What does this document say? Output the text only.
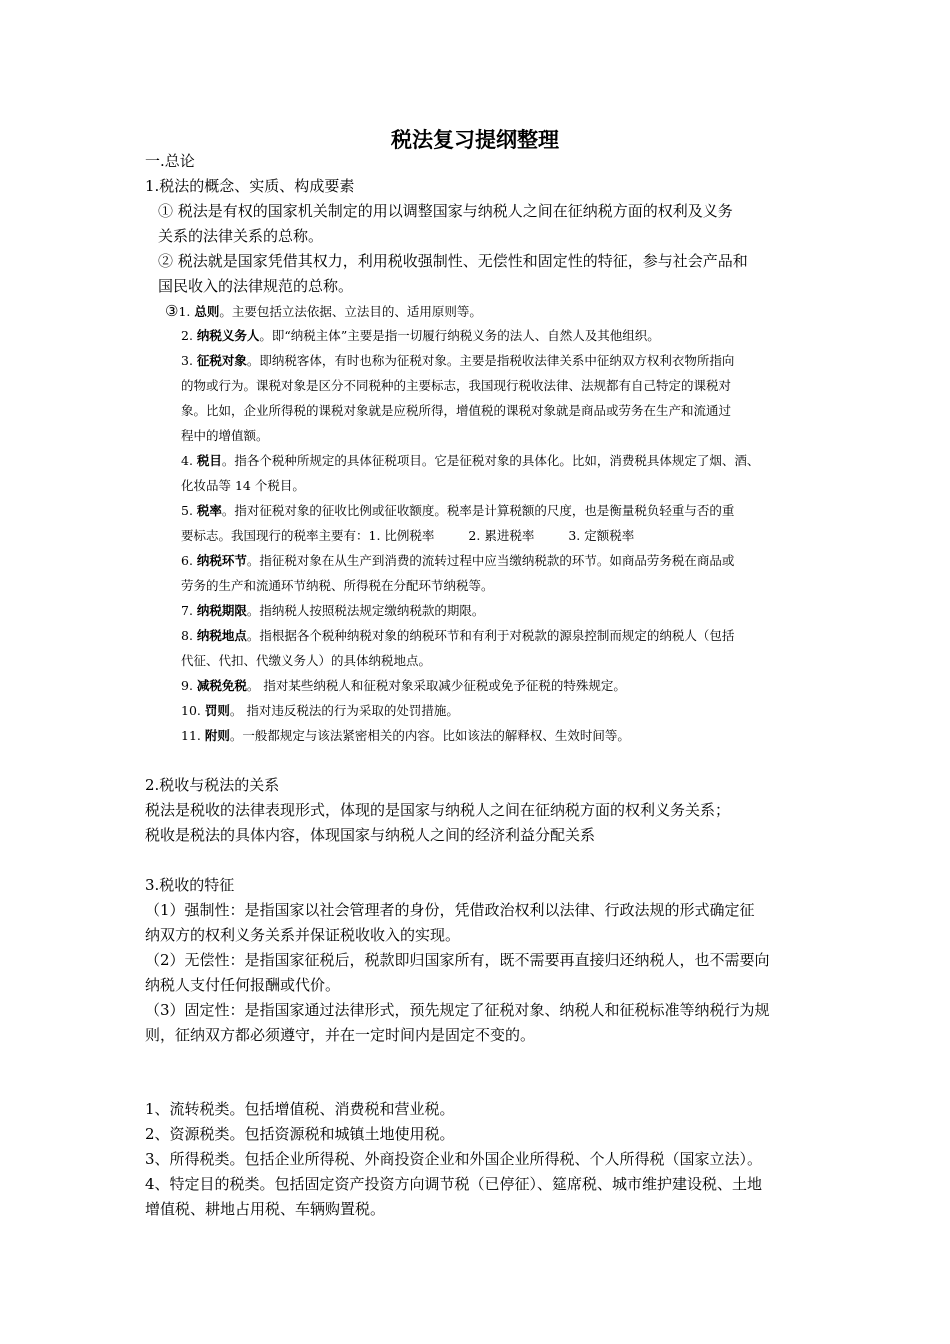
税法复习提纲整理
一.总论
1.税法的概念、实质、构成要素
① 税法是有权的国家机关制定的用以调整国家与纳税人之间在征纳税方面的权利及义务
关系的法律关系的总称。
② 税法就是国家凭借其权力，利用税收强制性、无偿性和固定性的特征，参与社会产品和
国民收入的法律规范的总称。
③1. 总则。主要包括立法依据、立法目的、适用原则等。
2. 纳税义务人。即“纳税主体”主要是指一切履行纳税义务的法人、自然人及其他组织。
3. 征税对象。即纳税客体，有时也称为征税对象。主要是指税收法律关系中征纳双方权利衣物所指向
的物或行为。课税对象是区分不同税种的主要标志，我国现行税收法律、法规都有自己特定的课税对
象。比如，企业所得税的课税对象就是应税所得，增值税的课税对象就是商品或劳务在生产和流通过
程中的增值额。
4. 税目。指各个税种所规定的具体征税项目。它是征税对象的具体化。比如，消费税具体规定了烟、酒、
化妆品等 14 个税目。
5. 税率。指对征税对象的征收比例或征收额度。税率是计算税额的尺度，也是衡量税负轻重与否的重
要标志。我国现行的税率主要有：1. 比例税率	2. 累进税率	3. 定额税率
6. 纳税环节。指征税对象在从生产到消费的流转过程中应当缴纳税款的环节。如商品劳务税在商品或
劳务的生产和流通环节纳税、所得税在分配环节纳税等。
7. 纳税期限。指纳税人按照税法规定缴纳税款的期限。
8. 纳税地点。指根据各个税种纳税对象的纳税环节和有利于对税款的源泉控制而规定的纳税人（包括
代征、代扣、代缴义务人）的具体纳税地点。
9. 减税免税。 指对某些纳税人和征税对象采取减少征税或免予征税的特殊规定。
10. 罚则。 指对违反税法的行为采取的处罚措施。
11. 附则。一般都规定与该法紧密相关的内容。比如该法的解释权、生效时间等。
2.税收与税法的关系
税法是税收的法律表现形式，体现的是国家与纳税人之间在征纳税方面的权利义务关系；
税收是税法的具体内容，体现国家与纳税人之间的经济利益分配关系
3.税收的特征
（1）强制性：是指国家以社会管理者的身份，凭借政治权利以法律、行政法规的形式确定征
纳双方的权利义务关系并保证税收收入的实现。
（2）无偿性：是指国家征税后，税款即归国家所有，既不需要再直接归还纳税人，也不需要向
纳税人支付任何报酬或代价。
（3）固定性：是指国家通过法律形式，预先规定了征税对象、纳税人和征税标准等纳税行为规
则，征纳双方都必须遵守，并在一定时间内是固定不变的。
1、流转税类。包括增值税、消费税和营业税。
2、资源税类。包括资源税和城镇土地使用税。
3、所得税类。包括企业所得税、外商投资企业和外国企业所得税、个人所得税（国家立法）。
4、特定目的税类。包括固定资产投资方向调节税（已停征）、筵席税、城市维护建设税、土地
增值税、耕地占用税、车辆购置税。
